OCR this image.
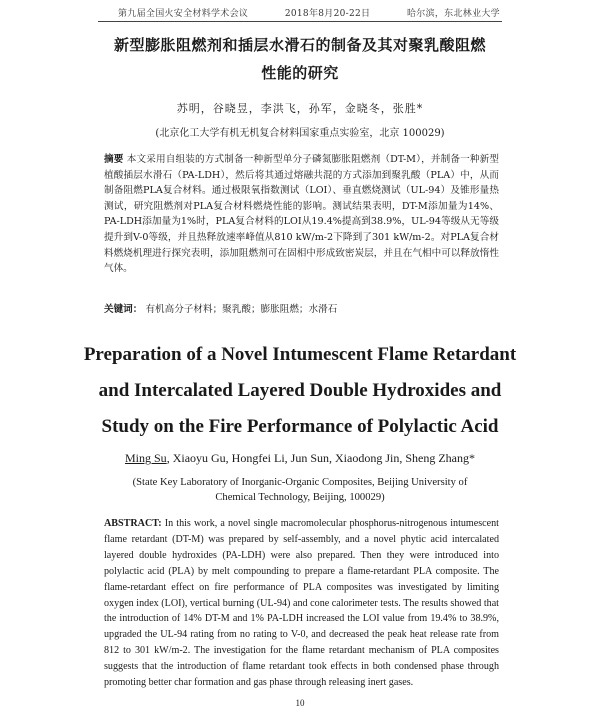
第九届全国火安全材料学术会议	2018年8月20-22日	哈尔滨，东北林业大学
新型膨胀阻燃剂和插层水滑石的制备及其对聚乳酸阻燃
性能的研究
苏明，谷晓昱，李洪飞，孙军，金晓冬，张胜*
(北京化工大学有机无机复合材料国家重点实验室，北京 100029)

摘要 本文采用自组装的方式制备一种新型单分子磷氮膨胀阻燃剂（DT-M），并制备一种新型植酸插层水滑石（PA-LDH），然后将其通过熔融共混的方式添加到聚乳酸（PLA）中，从而制备阻燃PLA复合材料。通过极限氧指数测试（LOI）、垂直燃烧测试（UL-94）及锥形量热测试，研究阻燃剂对PLA复合材料燃烧性能的影响。测试结果表明，DT-M添加量为14%、PA-LDH添加量为1%时，PLA复合材料的LOI从19.4%提高到38.9%，UL-94等级从无等级提升到V-0等级，并且热释放速率峰值从810 kW/m-2下降到了301 kW/m-2。对PLA复合材料燃烧机理进行探究表明，添加阻燃剂可在固相中形成致密炭层，并且在气相中可以释放惰性气体。

关键词： 有机高分子材料；聚乳酸；膨胀阻燃；水滑石

Preparation of a Novel Intumescent Flame Retardant
and Intercalated Layered Double Hydroxides and
Study on the Fire Performance of Polylactic Acid
Ming Su, Xiaoyu Gu, Hongfei Li, Jun Sun, Xiaodong Jin, Sheng Zhang*
(State Key Laboratory of Inorganic-Organic Composites, Beijing University of
Chemical Technology, Beijing, 100029)

ABSTRACT: In this work, a novel single macromolecular phosphorus-nitrogenous intumescent flame retardant (DT-M) was prepared by self-assembly, and a novel phytic acid intercalated layered double hydroxides (PA-LDH) were also prepared. Then they were introduced into polylactic acid (PLA) by melt compounding to prepare a flame-retardant PLA composite. The flame-retardant effect on fire performance of PLA composites was investigated by limiting oxygen index (LOI), vertical burning (UL-94) and cone calorimeter tests. The results showed that the introduction of 14% DT-M and 1% PA-LDH increased the LOI value from 19.4% to 38.9%, upgraded the UL-94 rating from no rating to V-0, and decreased the peak heat release rate from 812 to 301 kW/m-2. The investigation for the flame retardant mechanism of PLA composites suggests that the introduction of flame retardant took effects in both condensed phase through promoting better char formation and gas phase through releasing inert gases.

10
